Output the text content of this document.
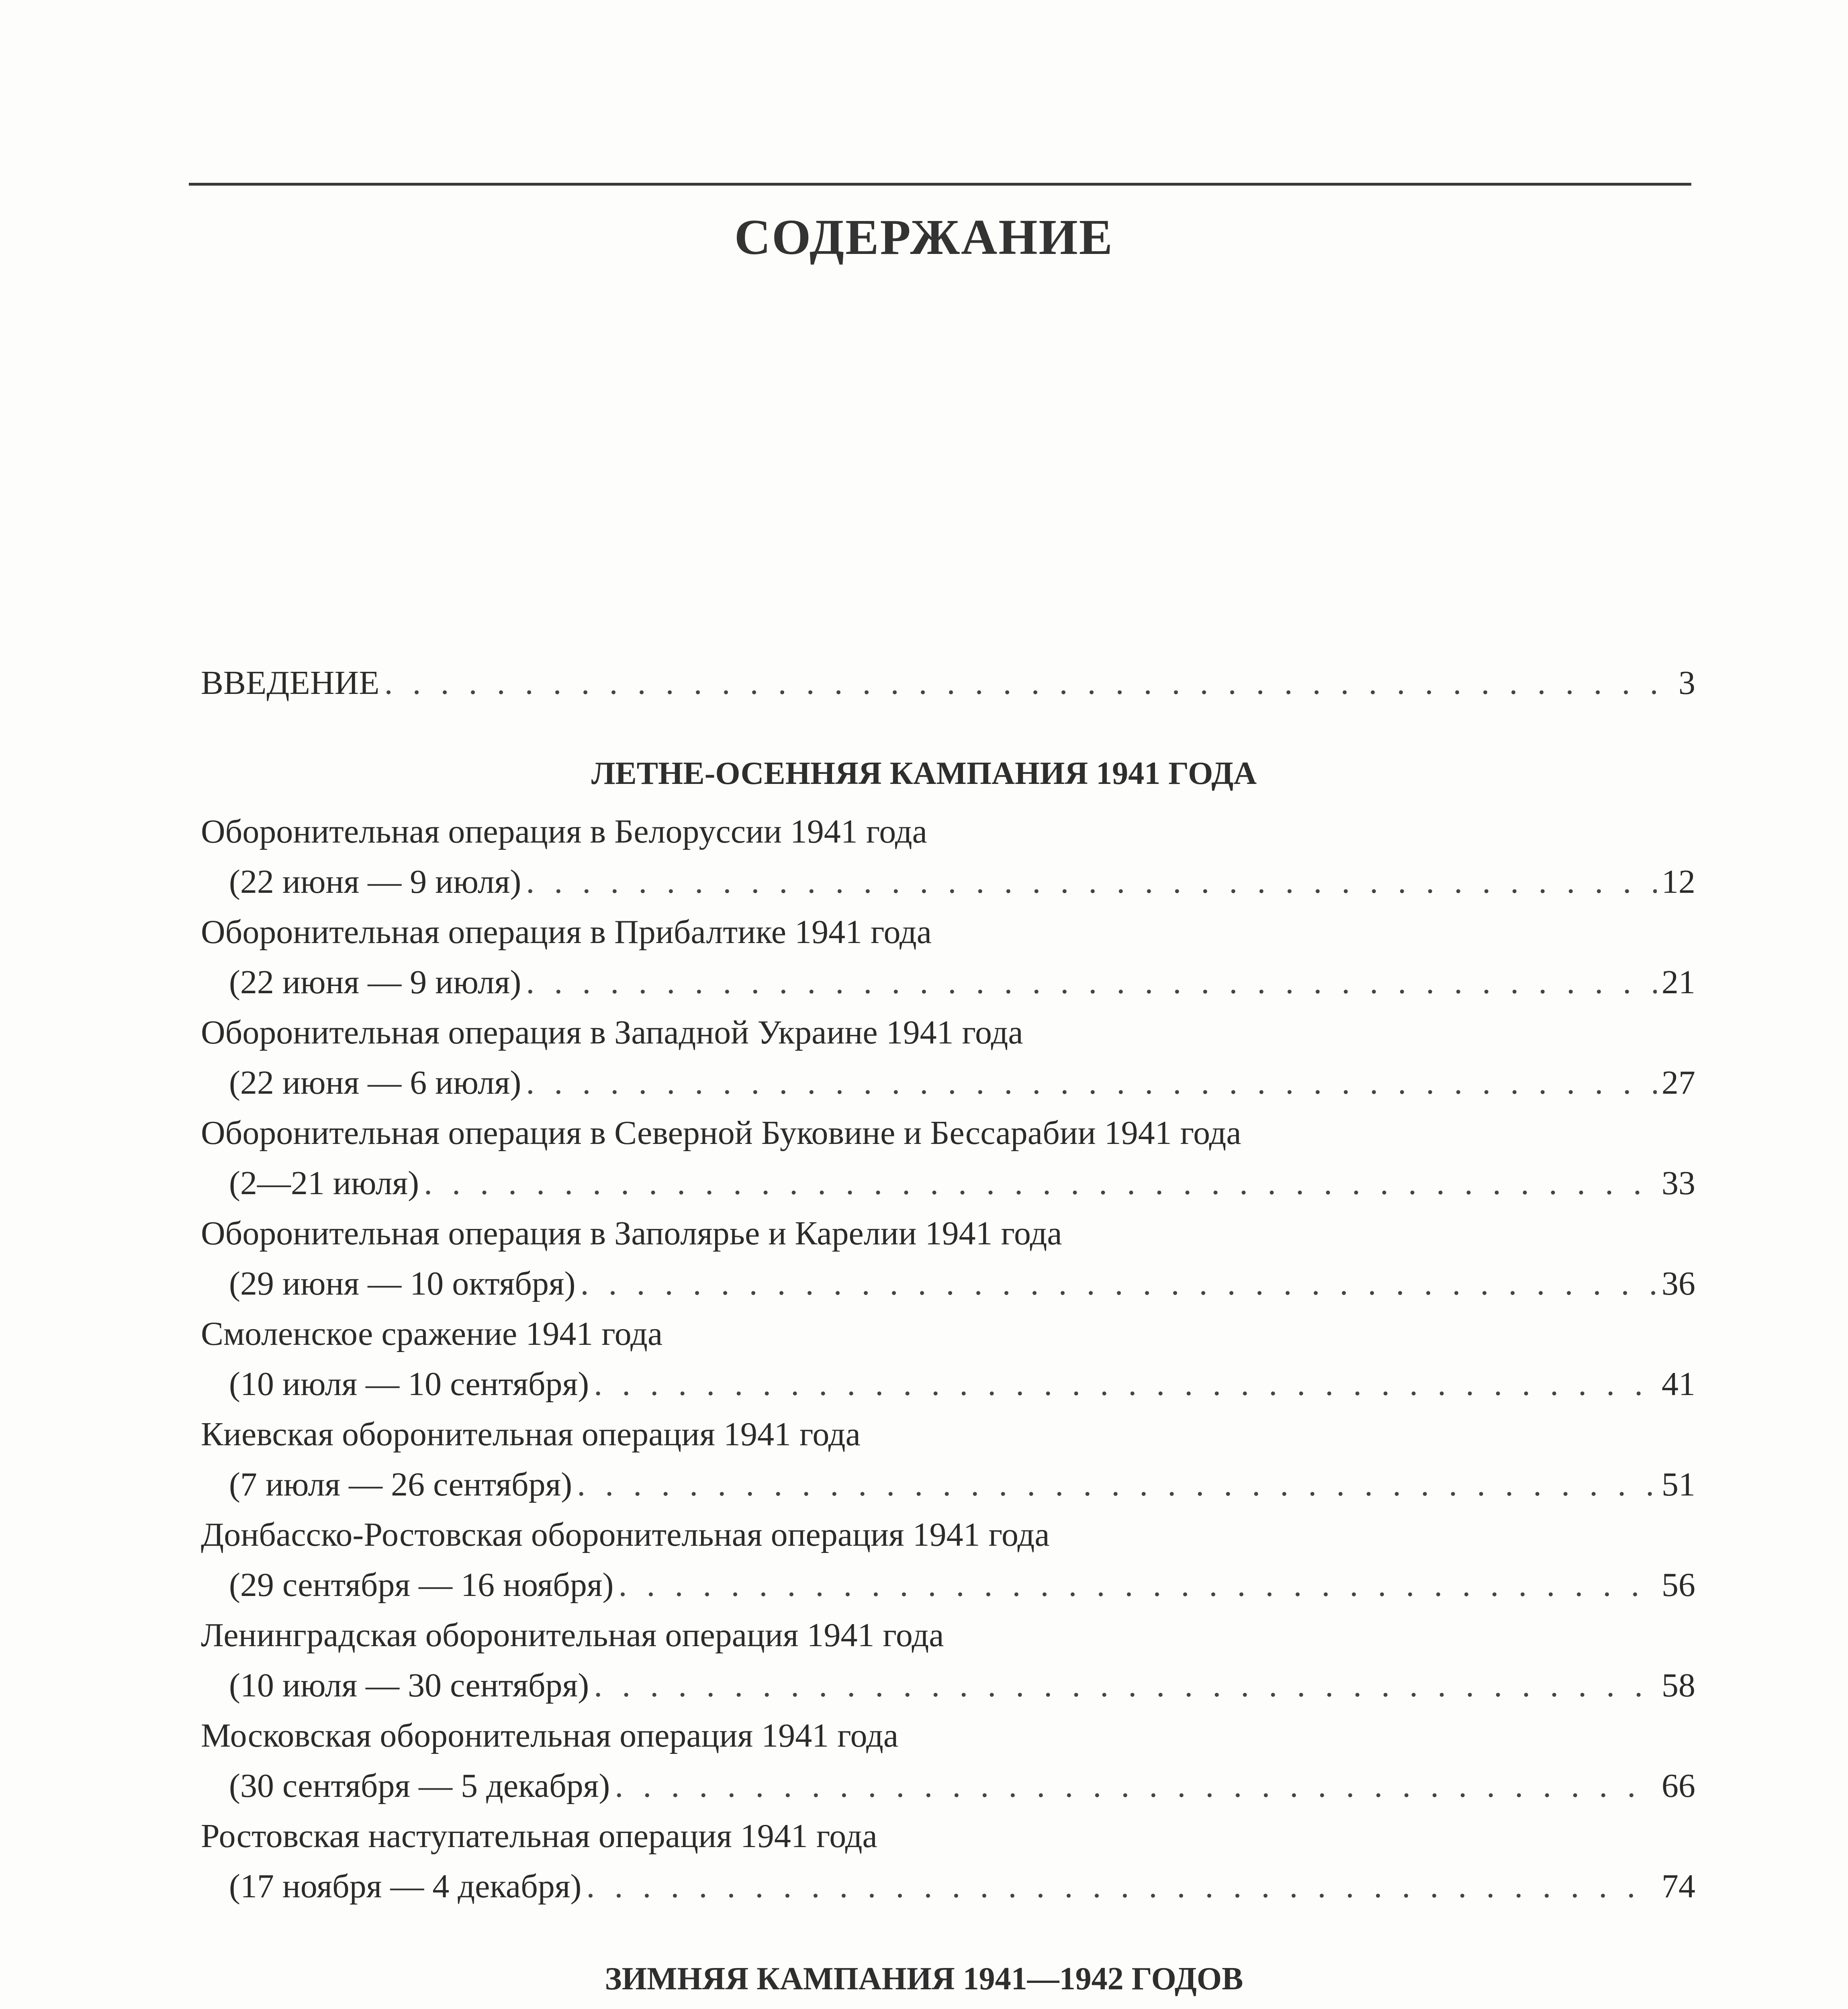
СОДЕРЖАНИЕ
ВВЕДЕНИЕ . . .	3
ЛЕТНЕ-ОСЕННЯЯ КАМПАНИЯ 1941 ГОДА
ЗИМНЯЯ КАМПАНИЯ 1941—1942 ГОДОВ
Оборонительная операция в Белоруссии 1941 года
(22 июня — 9 июля) . . .	12
Оборонительная операция в Прибалтике 1941 года
(22 июня — 9 июля) . . .	21
Оборонительная операция в Западной Украине 1941 года
(22 июня — 6 июля) . . .	27
Оборонительная операция в Северной Буковине и Бессарабии 1941 года
(2—21 июля) . . .	33
Оборонительная операция в Заполярье и Карелии 1941 года
(29 июня — 10 октября) . . .	36
Смоленское сражение 1941 года
(10 июля — 10 сентября) . . .	41
Киевская оборонительная операция 1941 года
(7 июля — 26 сентября) . . .	51
Донбасско-Ростовская оборонительная операция 1941 года
(29 сентября — 16 ноября) . . .	56
Ленинградская оборонительная операция 1941 года
(10 июля — 30 сентября) . . .	58
Московская оборонительная операция 1941 года
(30 сентября — 5 декабря) . . .	66
Ростовская наступательная операция 1941 года
(17 ноября — 4 декабря) . . .	74
